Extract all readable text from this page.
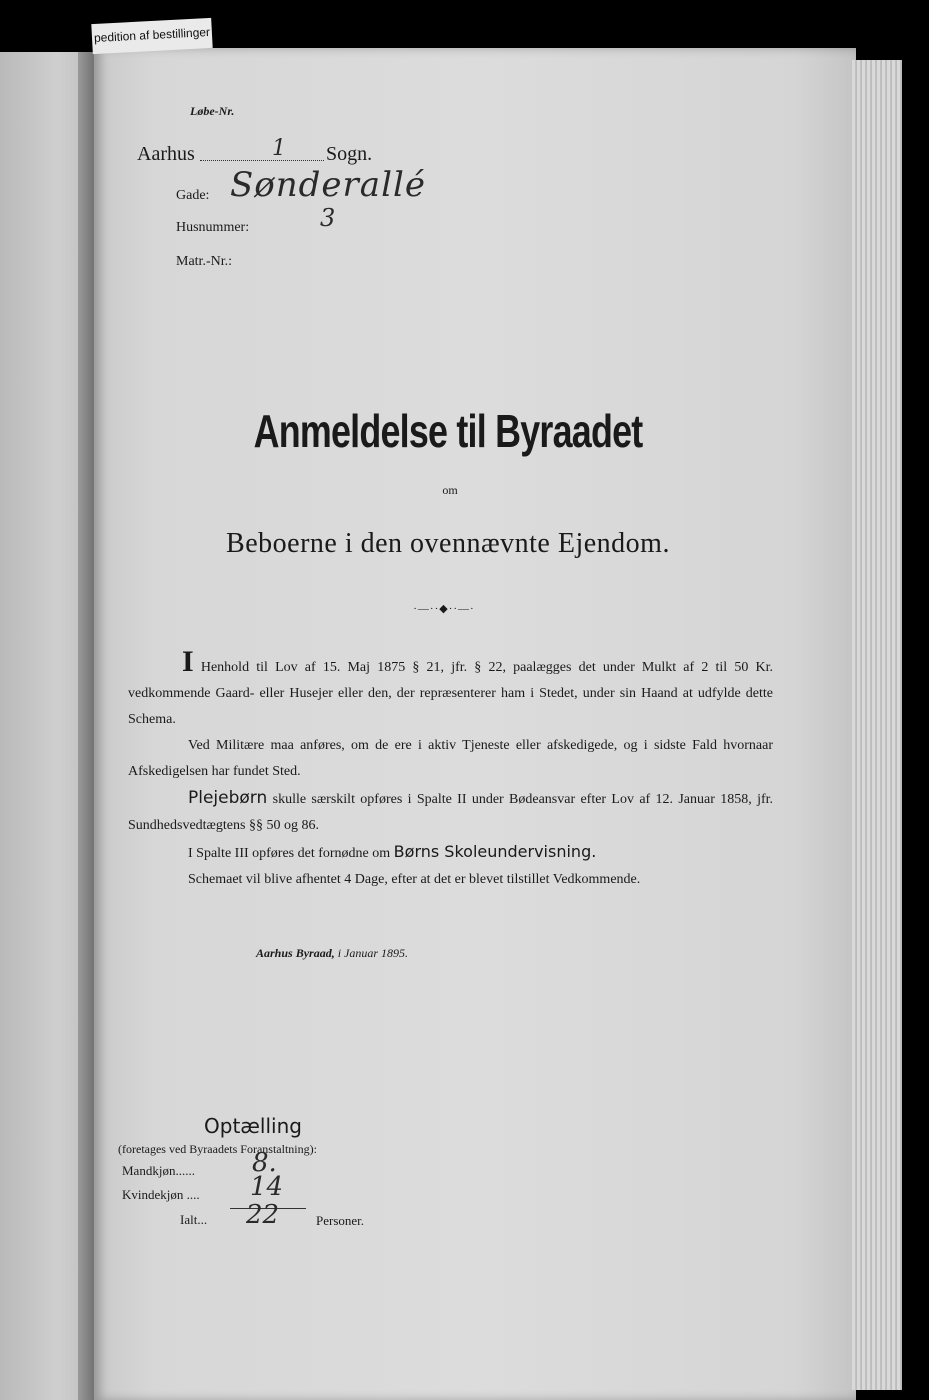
pedition af bestillinger
Løbe-Nr.
Aarhus	1 Sogn.
Gade: Sønderallé
Husnummer:	3
Matr.-Nr.:
Anmeldelse til Byraadet
om
Beboerne i den ovennævnte Ejendom.
·—··◆··—·

I Henhold til Lov af 15. Maj 1875 § 21, jfr. § 22, paalægges det under Mulkt af 2 til 50 Kr. vedkommende Gaard- eller Husejer eller den, der repræsenterer ham i Stedet, under sin Haand at udfylde dette Schema.

Ved Militære maa anføres, om de ere i aktiv Tjeneste eller afskedigede, og i sidste Fald hvornaar Afskedigelsen har fundet Sted.

Plejebørn skulle særskilt opføres i Spalte II under Bødeansvar efter Lov af 12. Januar 1858, jfr. Sundhedsvedtægtens §§ 50 og 86.

I Spalte III opføres det fornødne om Børns Skoleundervisning.

Schemaet vil blive afhentet 4 Dage, efter at det er blevet tilstillet Vedkommende.

Aarhus Byraad, i Januar 1895.
Optælling
(foretages ved Byraadets Foranstaltning):
Mandkjøn...... 8.
Kvindekjøn .... 14
Ialt... 22	Personer.
